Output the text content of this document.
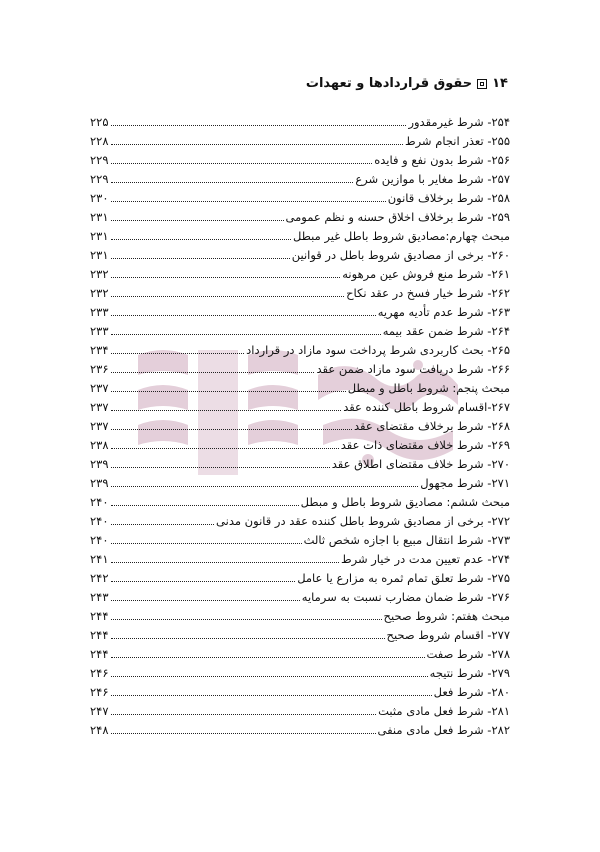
۱۴
حقوق قراردادها و تعهدات
۲۵۴- شرط غیرمقدور
۲۲۵
۲۵۵- تعذر انجام شرط
۲۲۸
۲۵۶- شرط بدون نفع و فایده
۲۲۹
۲۵۷- شرط مغایر با موازین شرع
۲۲۹
۲۵۸- شرط برخلاف قانون
۲۳۰
۲۵۹- شرط برخلاف اخلاق حسنه و نظم عمومی
۲۳۱
مبحث چهارم:مصادیق شروط باطل غیر مبطل
۲۳۱
۲۶۰- برخی از مصادیق شروط باطل در قوانین
۲۳۱
۲۶۱- شرط منع فروش عین مرهونه
۲۳۲
۲۶۲- شرط خیار فسخ در عقد نکاح
۲۳۲
۲۶۳- شرط عدم تأدیه مهریه
۲۳۳
۲۶۴- شرط ضمن عقد بیمه
۲۳۳
۲۶۵- بحث کاربردی شرط پرداخت سود مازاد در قرارداد
۲۳۴
۲۶۶- شرط دریافت سود مازاد ضمن عقد
۲۳۶
مبحث پنجم: شروط باطل و مبطل
۲۳۷
۲۶۷-اقسام شروط باطل کننده عقد
۲۳۷
۲۶۸- شرط برخلاف مقتضای عقد
۲۳۷
۲۶۹- شرط خلاف مقتضای ذات عقد
۲۳۸
۲۷۰- شرط خلاف مقتضای اطلاق عقد
۲۳۹
۲۷۱- شرط مجهول
۲۳۹
مبحث ششم: مصادیق شروط باطل و مبطل
۲۴۰
۲۷۲- برخی از مصادیق شروط باطل کننده عقد در قانون مدنی
۲۴۰
۲۷۳- شرط انتقال مبیع با اجازه شخص ثالث
۲۴۰
۲۷۴- عدم تعیین مدت در خیار شرط
۲۴۱
۲۷۵- شرط تعلق تمام ثمره به مزارع یا عامل
۲۴۲
۲۷۶- شرط ضمان مضارب نسبت به سرمایه
۲۴۳
مبحث هفتم: شروط صحیح
۲۴۴
۲۷۷- اقسام شروط صحیح
۲۴۴
۲۷۸- شرط صفت
۲۴۴
۲۷۹- شرط نتیجه
۲۴۶
۲۸۰- شرط فعل
۲۴۶
۲۸۱- شرط فعل مادی مثبت
۲۴۷
۲۸۲- شرط فعل مادی منفی
۲۴۸
